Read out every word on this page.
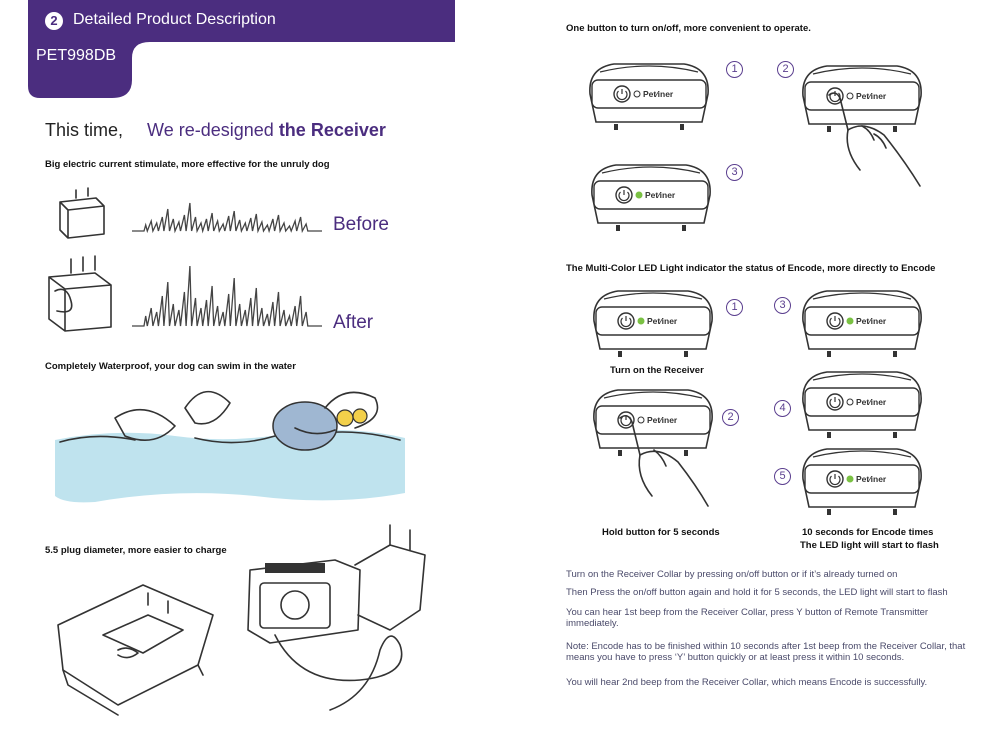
2 Detailed Product Description
PET998DB
This time, We re-designed the Receiver
Big electric current stimulate, more effective for the unruly dog
Before
After
Completely Waterproof, your dog can swim in the water
5.5 plug diameter, more easier to charge
One button to turn on/off, more convenient to operate.
Pet⁄iner
1
Pet⁄iner
2
Pet⁄iner
3
The Multi-Color LED Light indicator the status of Encode, more directly to Encode
Pet⁄iner
1
Turn on the Receiver
Pet⁄iner	2
Hold button for 5 seconds
3
Pet⁄iner
4	Pet⁄iner
5	Pet⁄iner
10 seconds for Encode times
The LED light will start to flash
Turn on the Receiver Collar by pressing on/off button or if it’s already turned on
Then Press the on/off button again and hold it for 5 seconds, the LED light will start to flash
You can hear 1st beep from the Receiver Collar, press Y button of Remote Transmitter immediately.
Note: Encode has to be finished within 10 seconds after 1st beep from the Receiver Collar, that means you have to press ‘Y’ button quickly or at least press it within 10 seconds.
You will hear 2nd beep from the Receiver Collar, which means Encode is successfully.
